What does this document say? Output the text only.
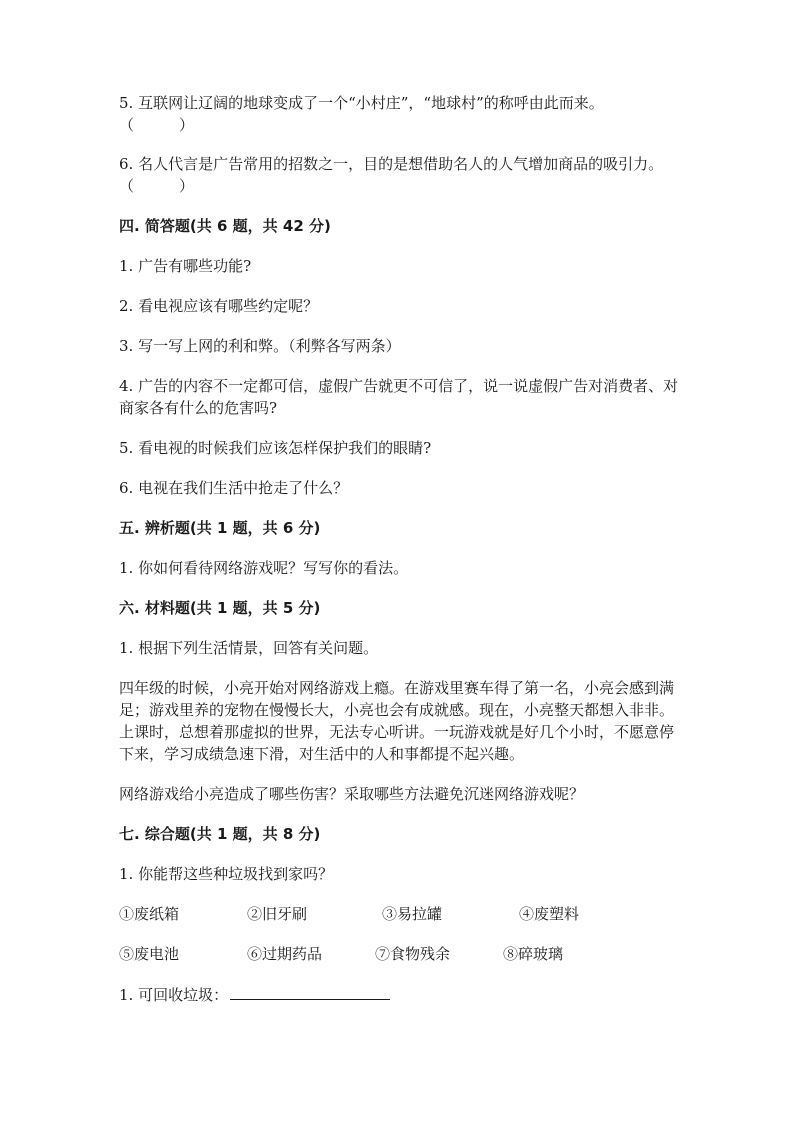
5. 互联网让辽阔的地球变成了一个“小村庄”，“地球村”的称呼由此而来。
（　　　）

6. 名人代言是广告常用的招数之一，目的是想借助名人的人气增加商品的吸引力。 （　　　）

四. 简答题(共 6 题，共 42 分)

1. 广告有哪些功能?

2. 看电视应该有哪些约定呢？

3. 写一写上网的利和弊。（利弊各写两条）

4. 广告的内容不一定都可信，虚假广告就更不可信了，说一说虚假广告对消费者、对商家各有什么的危害吗?

5. 看电视的时候我们应该怎样保护我们的眼睛?

6. 电视在我们生活中抢走了什么？

五. 辨析题(共 1 题，共 6 分)

1. 你如何看待网络游戏呢？写写你的看法。

六. 材料题(共 1 题，共 5 分)

1. 根据下列生活情景，回答有关问题。

四年级的时候，小亮开始对网络游戏上瘾。在游戏里赛车得了第一名，小亮会感到满足；游戏里养的宠物在慢慢长大，小亮也会有成就感。现在，小亮整天都想入非非。上课时，总想着那虚拟的世界，无法专心听讲。一玩游戏就是好几个小时，不愿意停下来，学习成绩急速下滑，对生活中的人和事都提不起兴趣。

网络游戏给小亮造成了哪些伤害？采取哪些方法避免沉迷网络游戏呢？

七. 综合题(共 1 题，共 8 分)

1. 你能帮这些种垃圾找到家吗？

①废纸箱	②旧牙刷	③易拉罐	④废塑料
⑤废电池	⑥过期药品	⑦食物残余	⑧碎玻璃

1. 可回收垃圾：
